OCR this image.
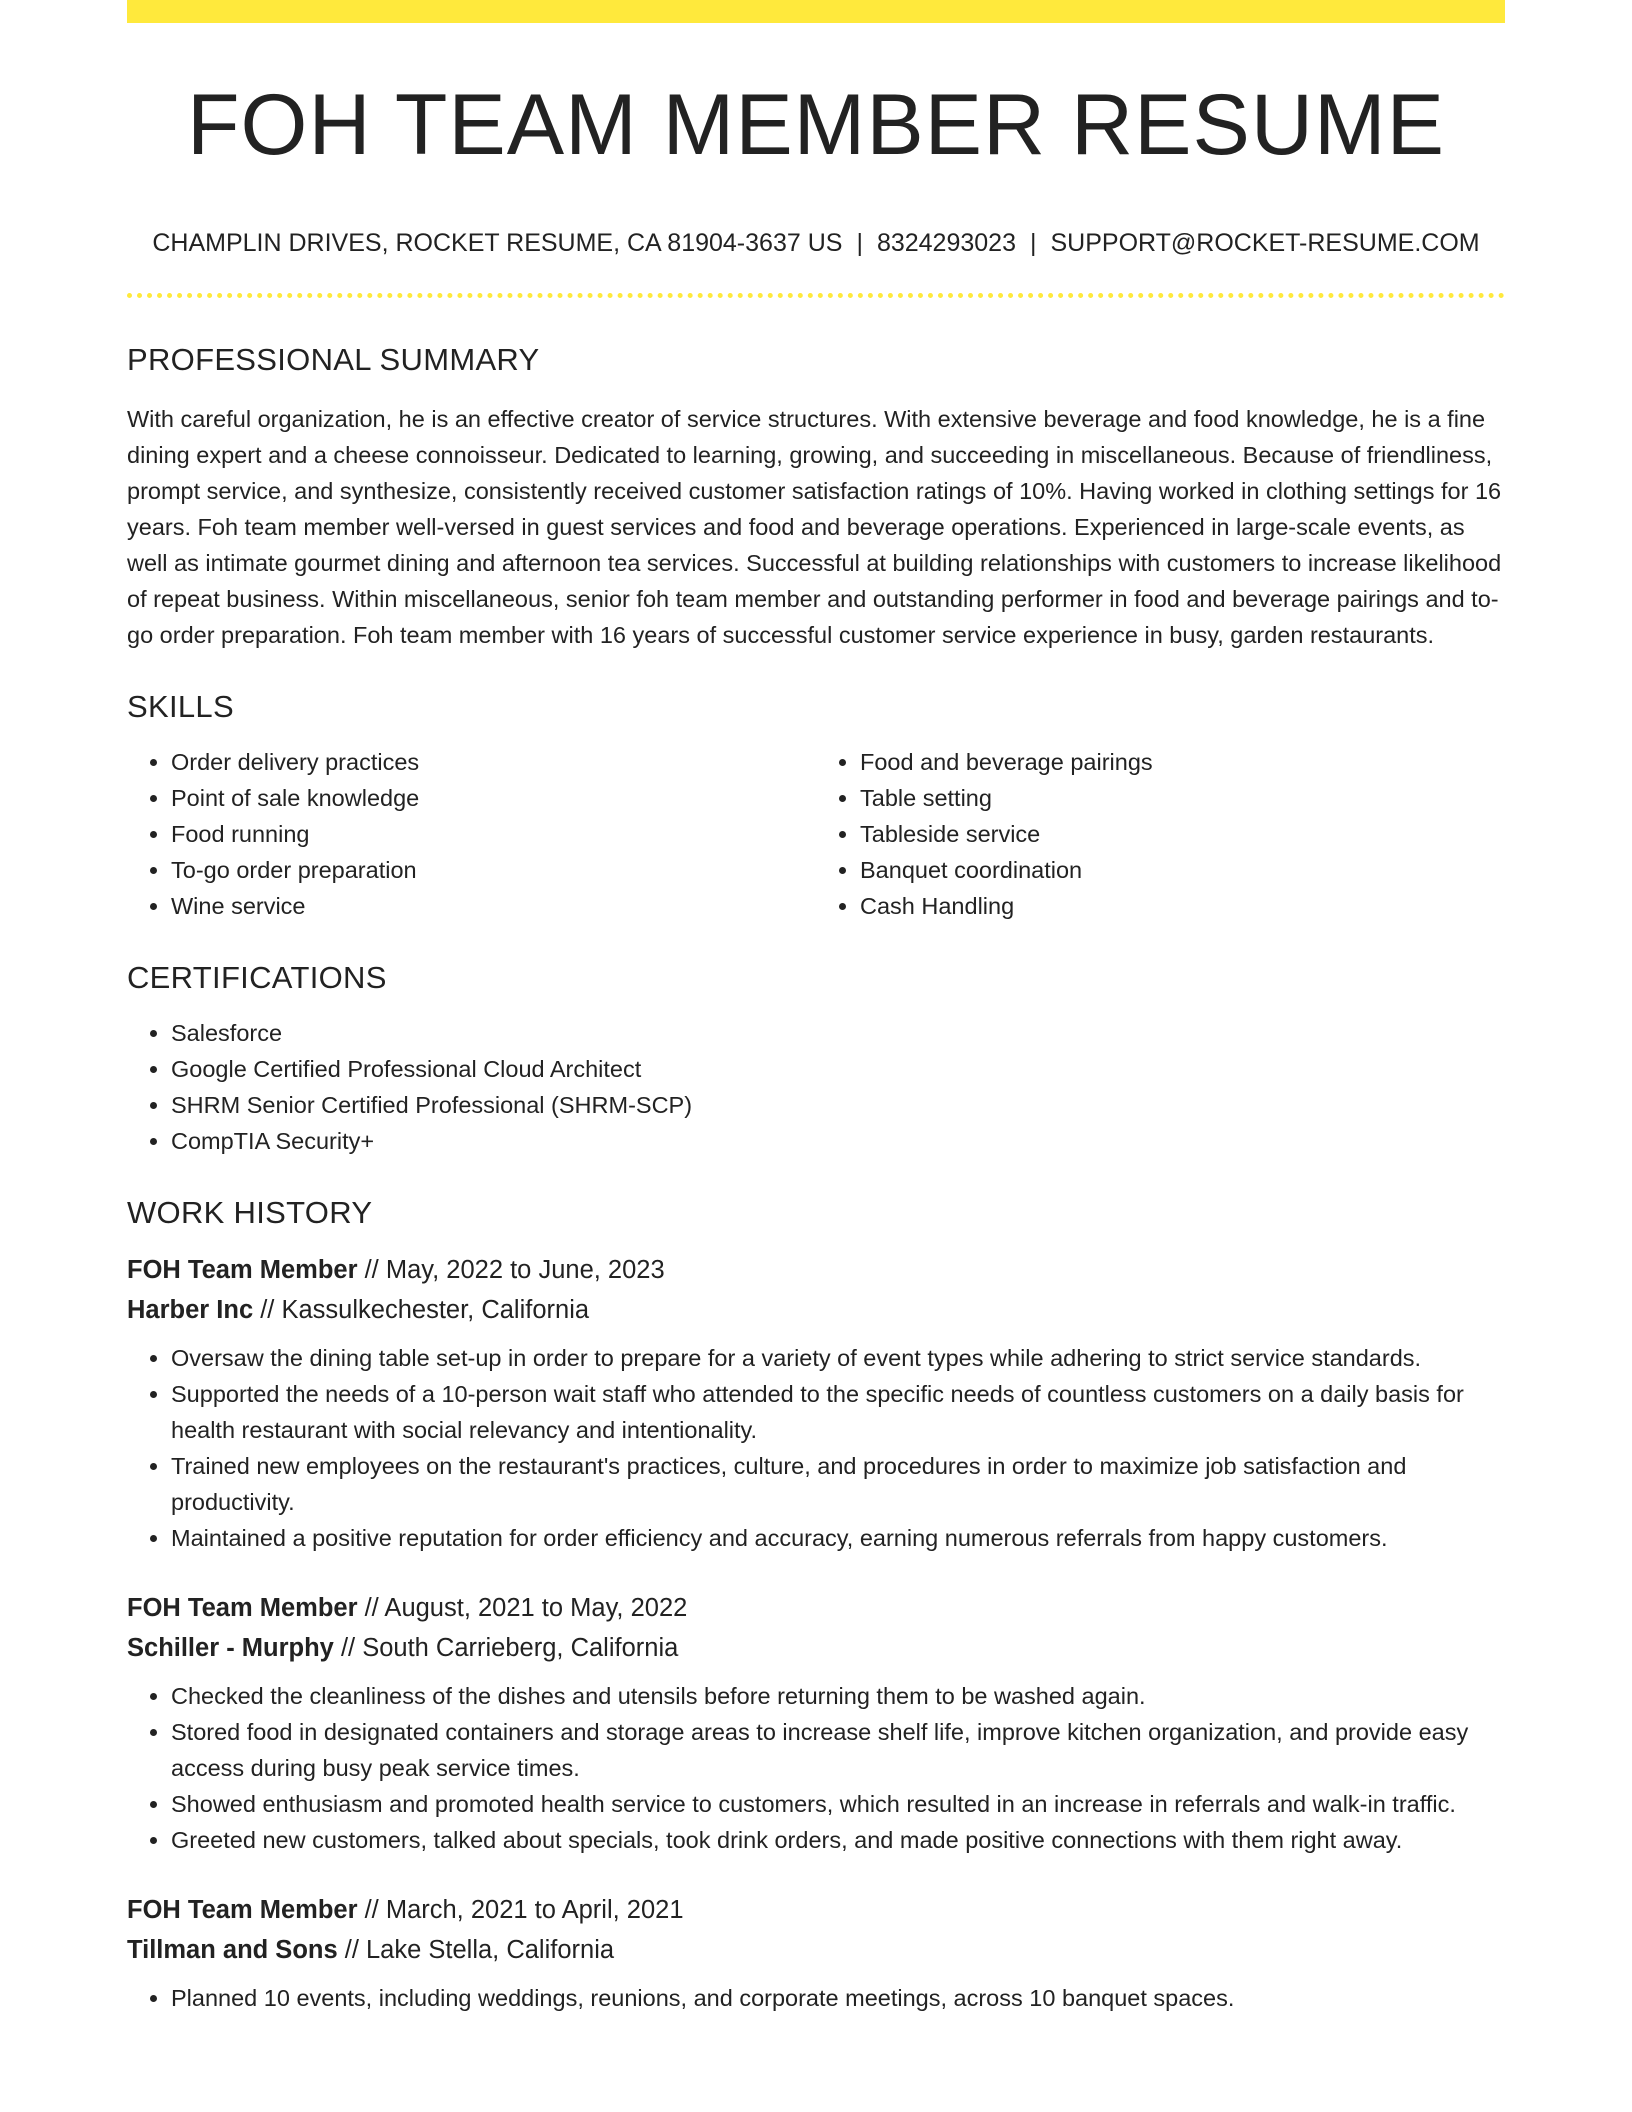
FOH TEAM MEMBER RESUME
CHAMPLIN DRIVES, ROCKET RESUME, CA 81904-3637 US | 8324293023 | SUPPORT@ROCKET-RESUME.COM
PROFESSIONAL SUMMARY

With careful organization, he is an effective creator of service structures. With extensive beverage and food knowledge, he is a fine dining expert and a cheese connoisseur. Dedicated to learning, growing, and succeeding in miscellaneous. Because of friendliness, prompt service, and synthesize, consistently received customer satisfaction ratings of 10%. Having worked in clothing settings for 16 years. Foh team member well-versed in guest services and food and beverage operations. Experienced in large-scale events, as well as intimate gourmet dining and afternoon tea services. Successful at building relationships with customers to increase likelihood of repeat business. Within miscellaneous, senior foh team member and outstanding performer in food and beverage pairings and to-go order preparation. Foh team member with 16 years of successful customer service experience in busy, garden restaurants.

SKILLS
• Order delivery practices
• Point of sale knowledge
• Food running
• To-go order preparation
• Wine service
• Food and beverage pairings
• Table setting
• Tableside service
• Banquet coordination
• Cash Handling
CERTIFICATIONS
• Salesforce
• Google Certified Professional Cloud Architect
• SHRM Senior Certified Professional (SHRM-SCP)
• CompTIA Security+
WORK HISTORY
FOH Team Member // May, 2022 to June, 2023
Harber Inc // Kassulkechester, California
• Oversaw the dining table set-up in order to prepare for a variety of event types while adhering to strict service standards.
• Supported the needs of a 10-person wait staff who attended to the specific needs of countless customers on a daily basis for health restaurant with social relevancy and intentionality.
• Trained new employees on the restaurant's practices, culture, and procedures in order to maximize job satisfaction and productivity.
• Maintained a positive reputation for order efficiency and accuracy, earning numerous referrals from happy customers.
FOH Team Member // August, 2021 to May, 2022
Schiller - Murphy // South Carrieberg, California
• Checked the cleanliness of the dishes and utensils before returning them to be washed again.
• Stored food in designated containers and storage areas to increase shelf life, improve kitchen organization, and provide easy access during busy peak service times.
• Showed enthusiasm and promoted health service to customers, which resulted in an increase in referrals and walk-in traffic.
• Greeted new customers, talked about specials, took drink orders, and made positive connections with them right away.
FOH Team Member // March, 2021 to April, 2021
Tillman and Sons // Lake Stella, California
• Planned 10 events, including weddings, reunions, and corporate meetings, across 10 banquet spaces.
